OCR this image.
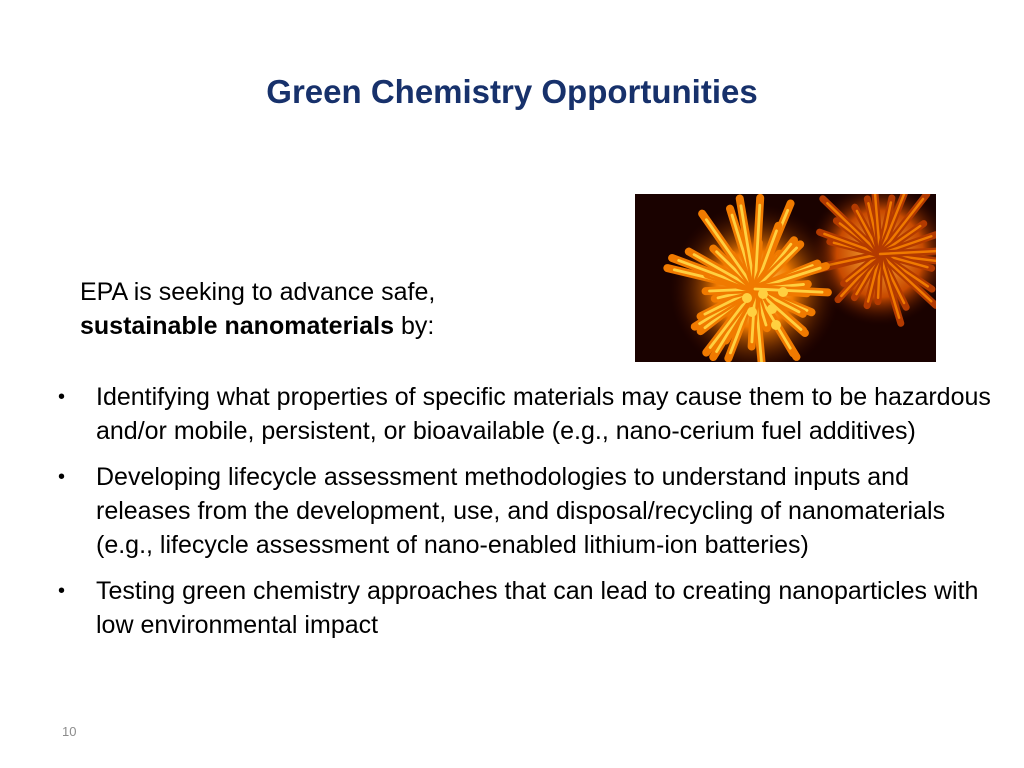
Green Chemistry Opportunities

EPA is seeking to advance safe,
sustainable nanomaterials by:

•	Identifying what properties of specific materials may cause them to be hazardous and/or mobile, persistent, or bioavailable (e.g., nano-cerium fuel additives)
•	Developing lifecycle assessment methodologies to understand inputs and releases from the development, use, and disposal/recycling of nanomaterials (e.g., lifecycle assessment of nano-enabled lithium-ion batteries)
•	Testing green chemistry approaches that can lead to creating nanoparticles with low environmental impact
10
